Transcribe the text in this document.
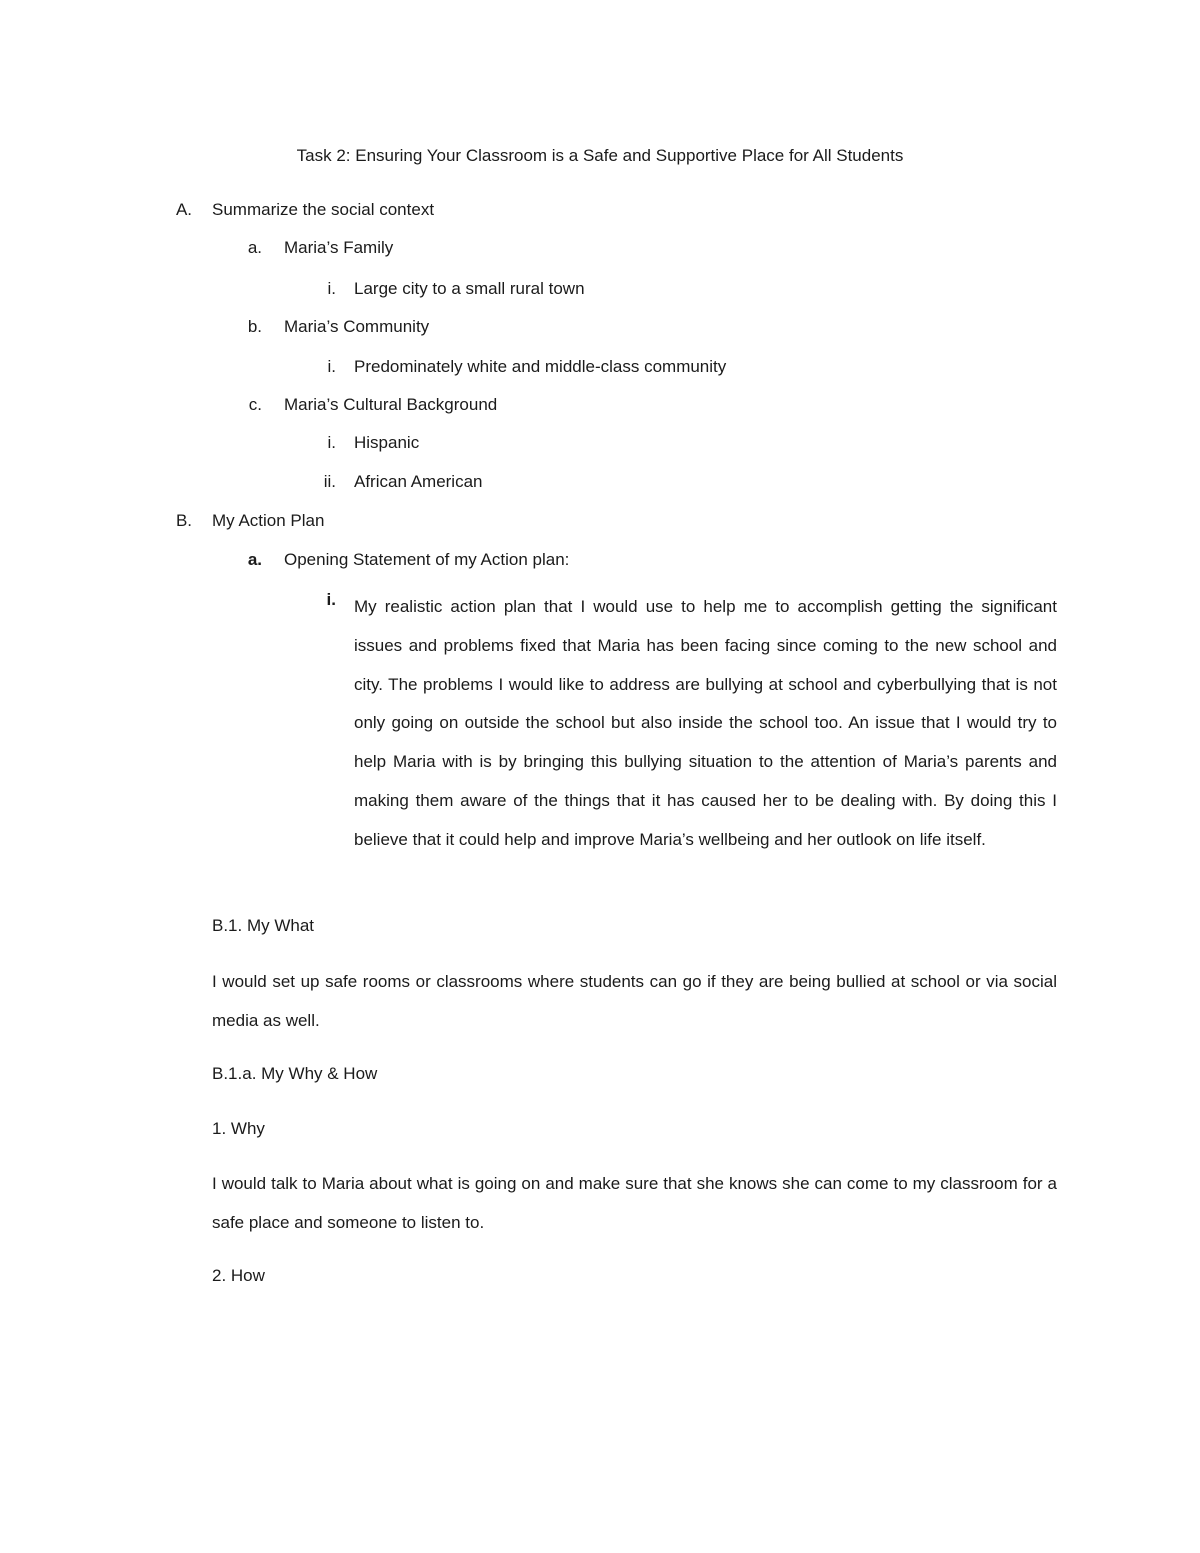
Task 2: Ensuring Your Classroom is a Safe and Supportive Place for All Students
A. Summarize the social context
a. Maria’s Family
i. Large city to a small rural town
b. Maria’s Community
i. Predominately white and middle-class community
c. Maria’s Cultural Background
i. Hispanic
ii. African American
B. My Action Plan
a. Opening Statement of my Action plan:
i. My realistic action plan that I would use to help me to accomplish getting the significant issues and problems fixed that Maria has been facing since coming to the new school and city. The problems I would like to address are bullying at school and cyberbullying that is not only going on outside the school but also inside the school too. An issue that I would try to help Maria with is by bringing this bullying situation to the attention of Maria’s parents and making them aware of the things that it has caused her to be dealing with. By doing this I believe that it could help and improve Maria’s wellbeing and her outlook on life itself.
B.1. My What
I would set up safe rooms or classrooms where students can go if they are being bullied at school or via social media as well.
B.1.a. My Why & How
1. Why
I would talk to Maria about what is going on and make sure that she knows she can come to my classroom for a safe place and someone to listen to.
2. How
